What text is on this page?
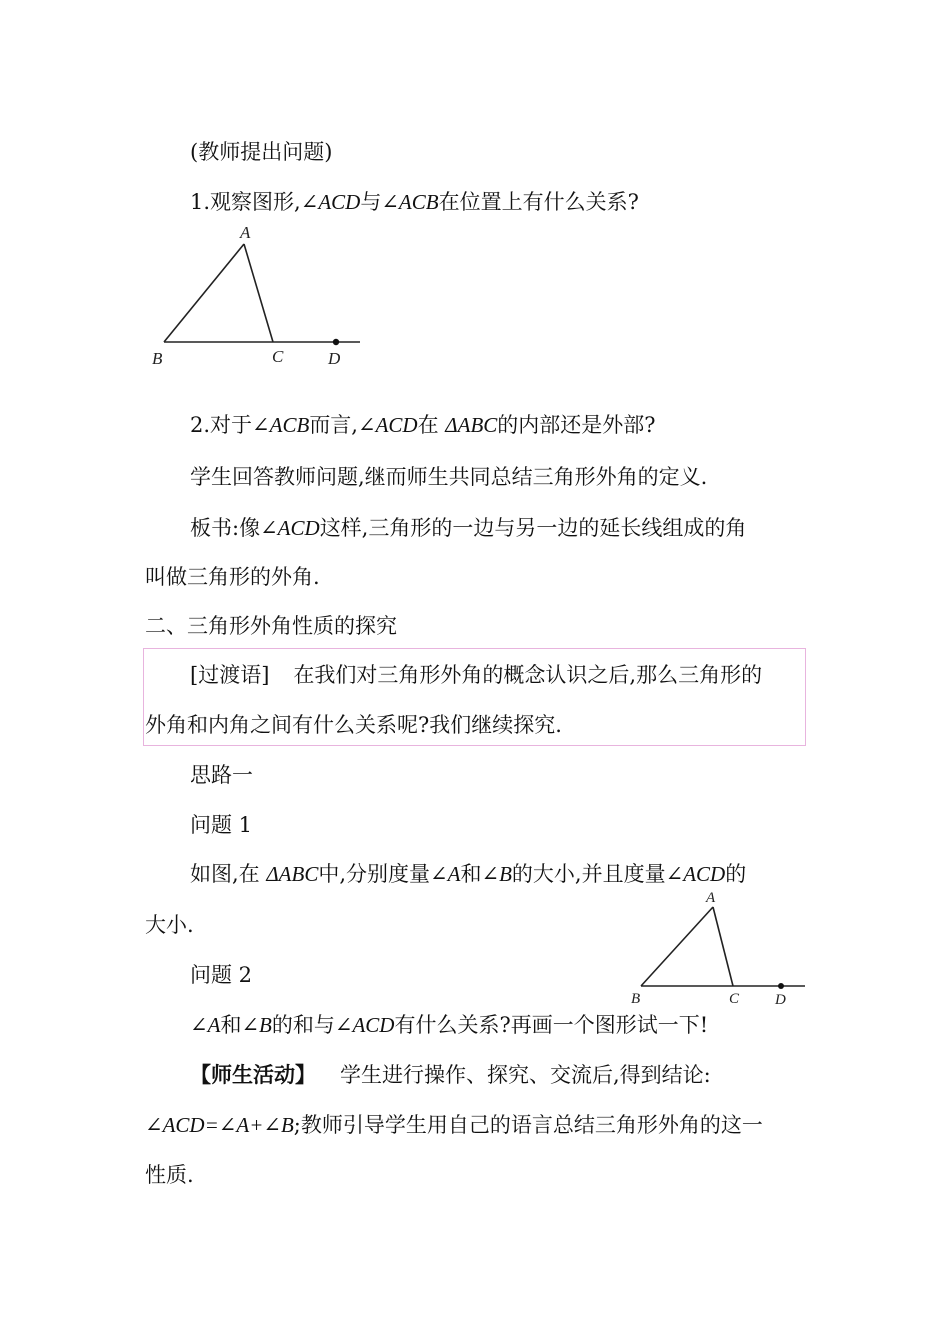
(教师提出问题)
1.观察图形,∠ACD与∠ACB在位置上有什么关系?
A
B	C	D
2.对于∠ACB而言,∠ACD在 ΔABC的内部还是外部?
学生回答教师问题,继而师生共同总结三角形外角的定义.
板书:像∠ACD这样,三角形的一边与另一边的延长线组成的角
叫做三角形的外角.
二、三角形外角性质的探究
[过渡语] 在我们对三角形外角的概念认识之后,那么三角形的
外角和内角之间有什么关系呢?我们继续探究.
思路一
问题 1
如图,在 ΔABC中,分别度量∠A和∠B的大小,并且度量∠ACD的
大小.
A
B	C D
问题 2
∠A和∠B的和与∠ACD有什么关系?再画一个图形试一下!
【师生活动】 学生进行操作、探究、交流后,得到结论:
∠ACD=∠A+∠B;教师引导学生用自己的语言总结三角形外角的这一
性质.
